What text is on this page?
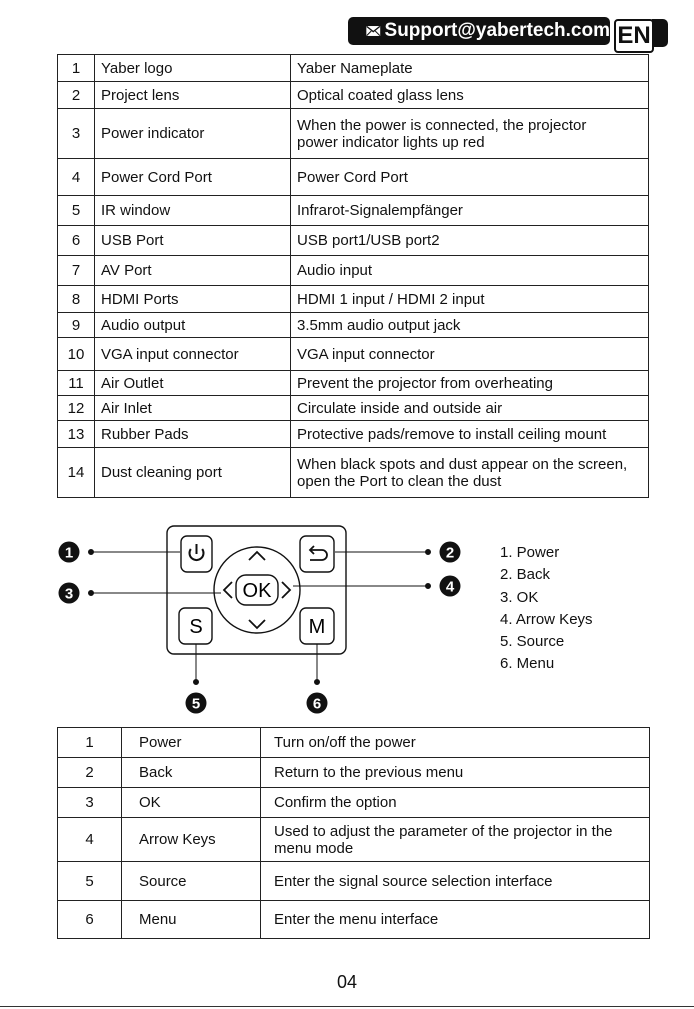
Support@yabertech.com EN
1	Yaber logo	Yaber Nameplate

2	Project lens	Optical coated glass lens

3	Power indicator	When the power is connected, the projector
power indicator lights up red

4	Power Cord Port	Power Cord Port

5	IR window	Infrarot-Signalempfänger

6	USB Port	USB port1/USB port2

7	AV Port	Audio input

8	HDMI Ports	HDMI 1 input / HDMI 2 input

9	Audio output	3.5mm audio output jack

10	VGA input connector	VGA input connector

11	Air Outlet	Prevent the projector from overheating

12	Air Inlet	Circulate inside and outside air

13	Rubber Pads	Protective pads/remove to install ceiling mount

14	Dust cleaning port	When black spots and dust appear on the screen,
open the Port to clean the dust
S	M
OK
1	2
3	4
5	6
1. Power
2. Back
3. OK
4. Arrow Keys
5. Source
6. Menu
1	Power	Turn on/off the power

2	Back	Return to the previous menu

3	OK	Confirm the option

4	Arrow Keys	Used to adjust the parameter of the projector in the
menu mode

5	Source	Enter the signal source selection interface

6	Menu	Enter the menu interface
04
